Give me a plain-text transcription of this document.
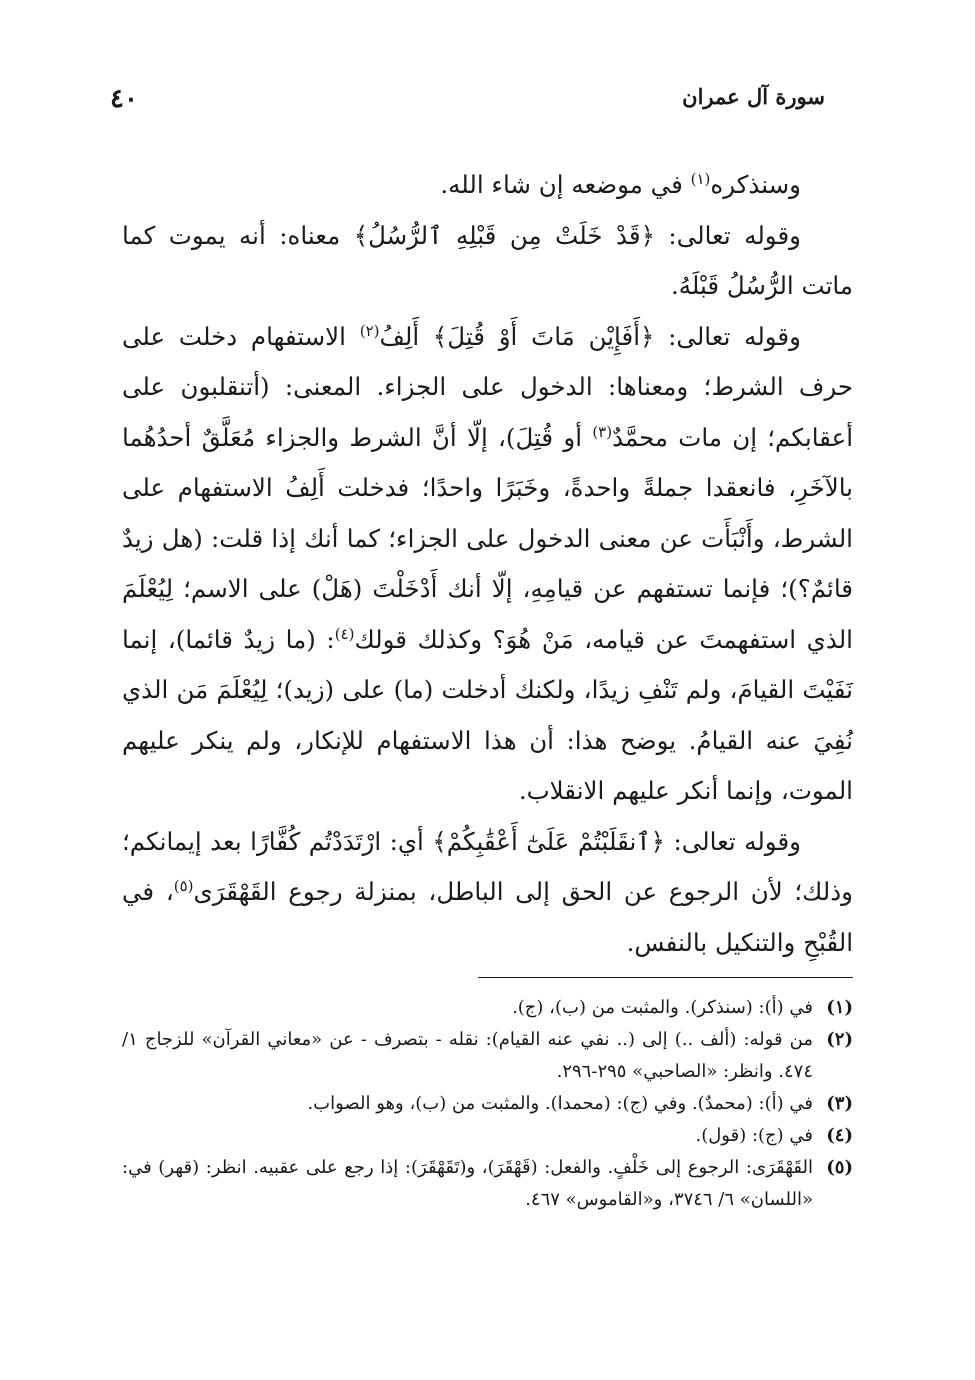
سورة آل عمران
٤٠

وسنذكره$^{(١)}$ في موضعه إن شاء الله.

وقوله تعالى: ﴿قَدْ خَلَتْ مِن قَبْلِهِ ٱلرُّسُلُ﴾ معناه: أنه يموت كما ماتت الرُّسُلُ قَبْلَهُ.

وقوله تعالى: ﴿أَفَإِيْن مَاتَ أَوْ قُتِلَ﴾ أَلِفُ$^{(٢)}$ الاستفهام دخلت على حرف الشرط؛ ومعناها: الدخول على الجزاء. المعنى: (أتنقلبون على أعقابكم؛ إن مات محمَّدٌ$^{(٣)}$ أو قُتِلَ)، إلّا أنَّ الشرط والجزاء مُعَلَّقٌ أحدُهُما بالآخَرِ، فانعقدا جملةً واحدةً، وخَبَرًا واحدًا؛ فدخلت أَلِفُ الاستفهام على الشرط، وأَنْبَأَت عن معنى الدخول على الجزاء؛ كما أنك إذا قلت: (هل زيدٌ قائمٌ؟)؛ فإنما تستفهم عن قيامِهِ، إلّا أنك أَدْخَلْتَ (هَلْ) على الاسم؛ لِيُعْلَمَ الذي استفهمتَ عن قيامه، مَنْ هُوَ؟ وكذلك قولك$^{(٤)}$: (ما زيدٌ قائما)، إنما نَفَيْتَ القيامَ، ولم تَنْفِ زيدًا، ولكنك أدخلت (ما) على (زيد)؛ لِيُعْلَمَ مَن الذي نُفِيَ عنه القيامُ. يوضح هذا: أن هذا الاستفهام للإنكار، ولم ينكر عليهم الموت، وإنما أنكر عليهم الانقلاب.

وقوله تعالى: ﴿ٱنقَلَبْتُمْ عَلَىٰٓ أَعْقَٰبِكُمْ﴾ أي: ارْتَدَدْتُم كُفَّارًا بعد إيمانكم؛ وذلك؛ لأن الرجوع عن الحق إلى الباطل، بمنزلة رجوع القَهْقَرَى$^{(٥)}$، في القُبْحِ والتنكيل بالنفس.

(١)
في (أ): (سنذكر). والمثبت من (ب)، (ج).
(٢)
من قوله: (ألف ..) إلى (.. نفي عنه القيام): نقله - بتصرف - عن «معاني القرآن» للزجاج ١/ ٤٧٤. وانظر: «الصاحبي» ٢٩٥-٢٩٦.
(٣)
في (أ): (محمدٌ). وفي (ج): (محمدا). والمثبت من (ب)، وهو الصواب.
(٤)
في (ج): (قول).
(٥)
القَهْقَرَى: الرجوع إلى خَلْفٍ. والفعل: (قَهْقَرَ)، و(تَقَهْقَرَ): إذا رجع على عقبيه. انظر: (قهر) في: «اللسان» ٦/ ٣٧٤٦، و«القاموس» ٤٦٧.
